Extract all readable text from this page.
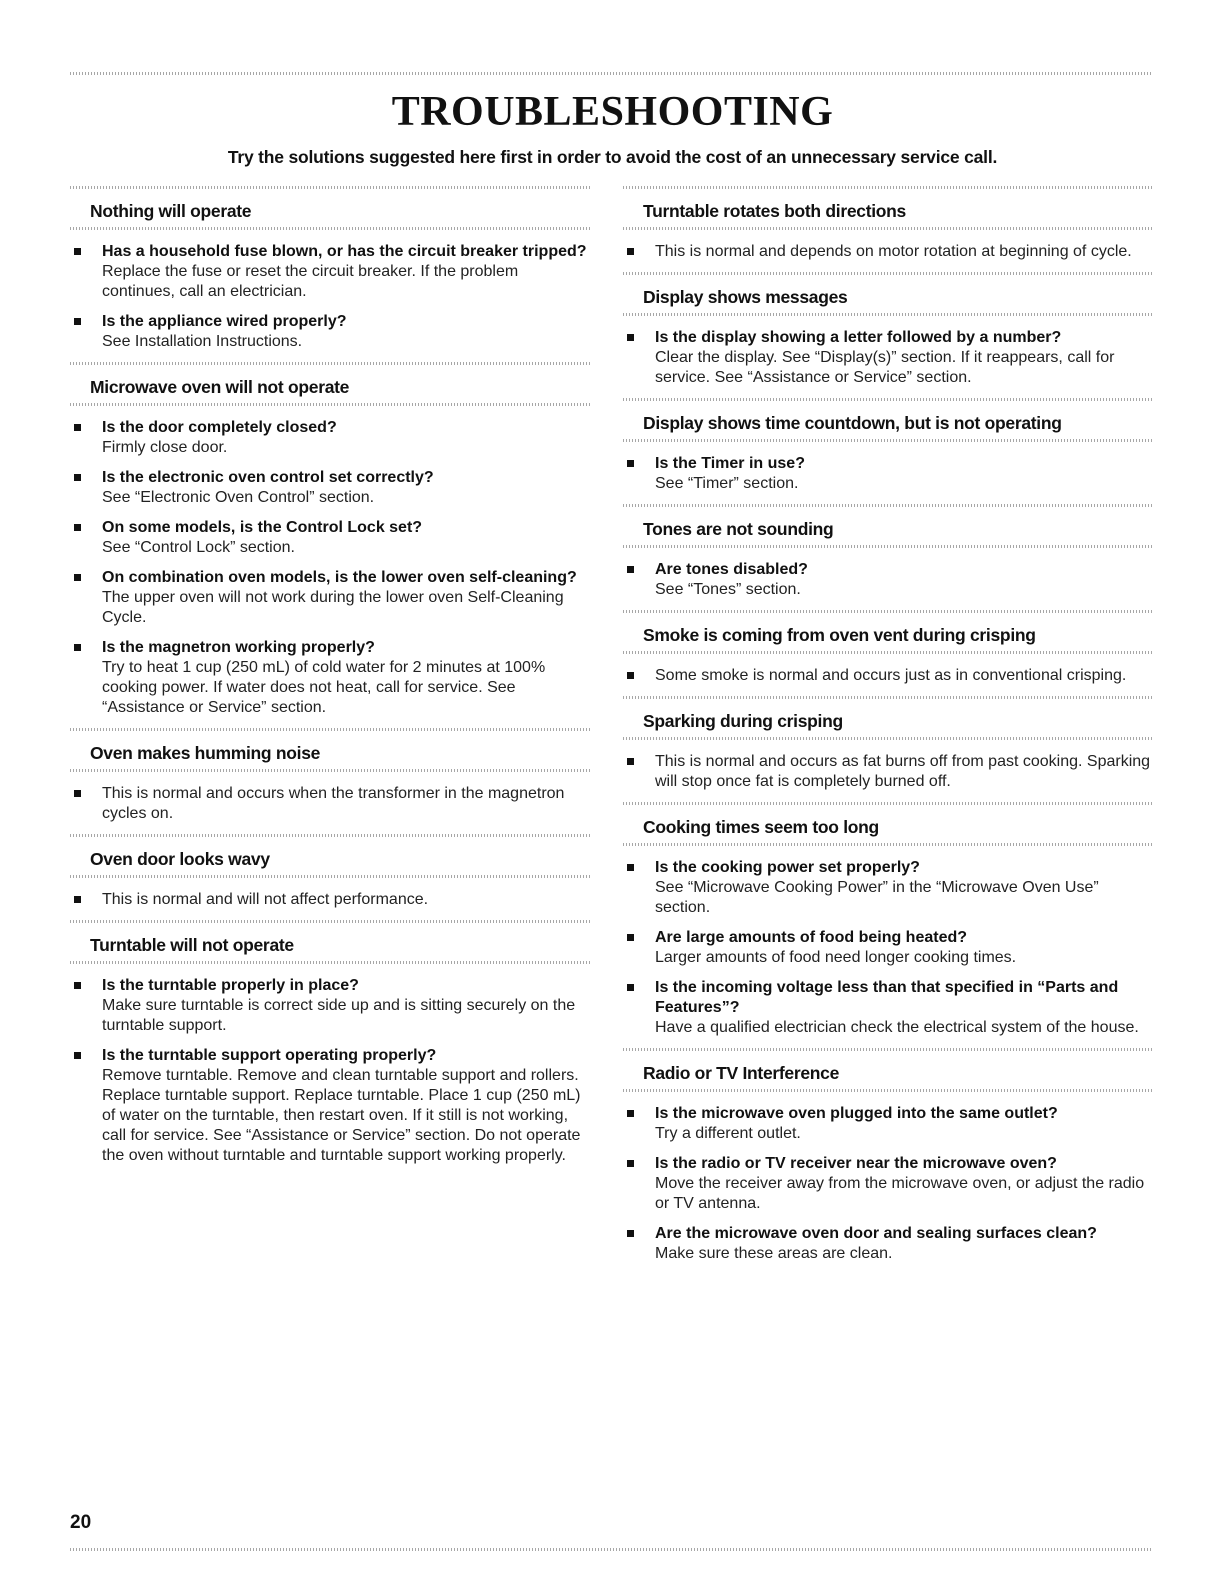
TROUBLESHOOTING
Try the solutions suggested here first in order to avoid the cost of an unnecessary service call.
Nothing will operate
Has a household fuse blown, or has the circuit breaker tripped?
Replace the fuse or reset the circuit breaker. If the problem continues, call an electrician.
Is the appliance wired properly?
See Installation Instructions.
Microwave oven will not operate
Is the door completely closed?
Firmly close door.
Is the electronic oven control set correctly?
See “Electronic Oven Control” section.
On some models, is the Control Lock set?
See “Control Lock” section.
On combination oven models, is the lower oven self-cleaning?
The upper oven will not work during the lower oven Self-Cleaning Cycle.
Is the magnetron working properly?
Try to heat 1 cup (250 mL) of cold water for 2 minutes at 100% cooking power. If water does not heat, call for service. See “Assistance or Service” section.
Oven makes humming noise
This is normal and occurs when the transformer in the magnetron cycles on.
Oven door looks wavy
This is normal and will not affect performance.
Turntable will not operate
Is the turntable properly in place?
Make sure turntable is correct side up and is sitting securely on the turntable support.
Is the turntable support operating properly?
Remove turntable. Remove and clean turntable support and rollers. Replace turntable support. Replace turntable. Place 1 cup (250 mL) of water on the turntable, then restart oven. If it still is not working, call for service. See “Assistance or Service” section. Do not operate the oven without turntable and turntable support working properly.
Turntable rotates both directions
This is normal and depends on motor rotation at beginning of cycle.
Display shows messages
Is the display showing a letter followed by a number?
Clear the display. See “Display(s)” section. If it reappears, call for service. See “Assistance or Service” section.
Display shows time countdown, but is not operating
Is the Timer in use?
See “Timer” section.
Tones are not sounding
Are tones disabled?
See “Tones” section.
Smoke is coming from oven vent during crisping
Some smoke is normal and occurs just as in conventional crisping.
Sparking during crisping
This is normal and occurs as fat burns off from past cooking. Sparking will stop once fat is completely burned off.
Cooking times seem too long
Is the cooking power set properly?
See “Microwave Cooking Power” in the “Microwave Oven Use” section.
Are large amounts of food being heated?
Larger amounts of food need longer cooking times.
Is the incoming voltage less than that specified in “Parts and Features”?
Have a qualified electrician check the electrical system of the house.
Radio or TV Interference
Is the microwave oven plugged into the same outlet?
Try a different outlet.
Is the radio or TV receiver near the microwave oven?
Move the receiver away from the microwave oven, or adjust the radio or TV antenna.
Are the microwave oven door and sealing surfaces clean?
Make sure these areas are clean.
20
